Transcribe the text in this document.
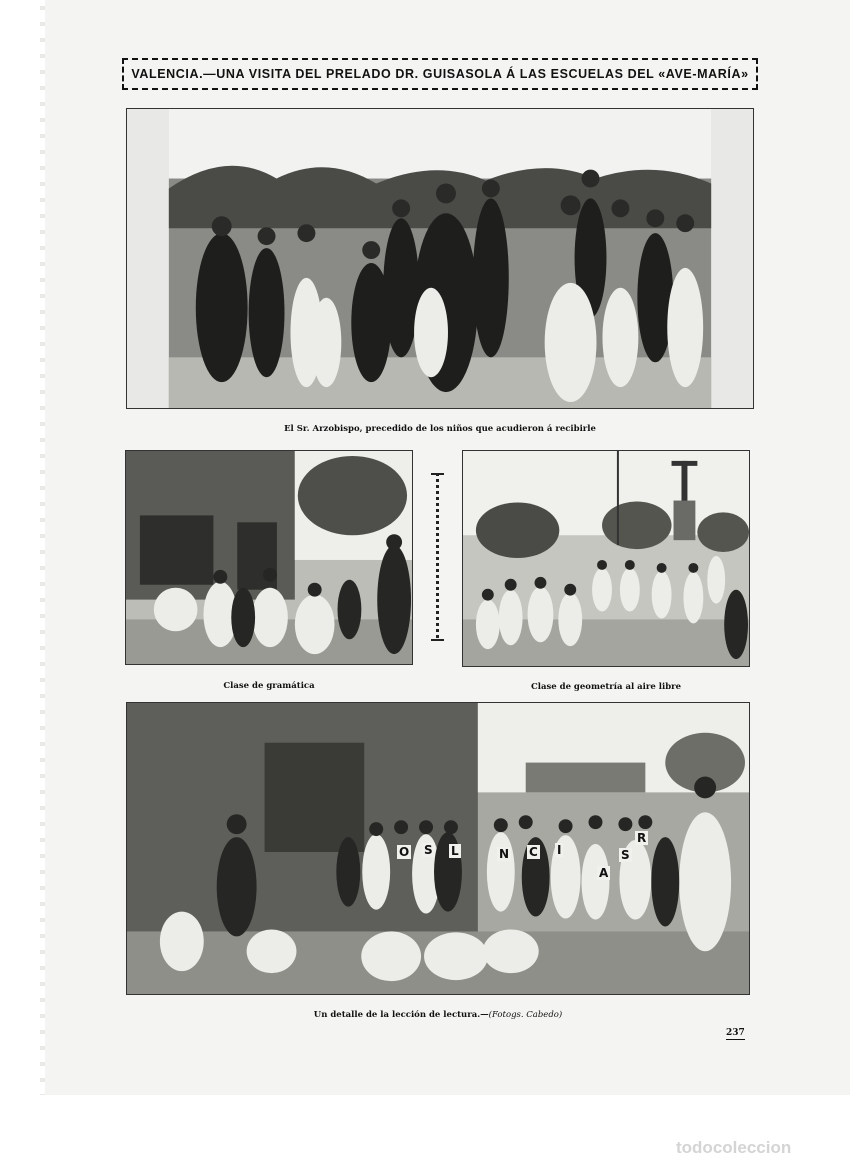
VALENCIA.—UNA VISITA DEL PRELADO DR. GUISASOLA Á LAS ESCUELAS DEL «AVE-MARÍA»
El Sr. Arzobispo, precedido de los niños que acudieron á recibirle
Clase de gramática	Clase de geometría al aire libre
O S L	N C I
A
S
R
Un detalle de la lección de lectura.—(Fotogs. Cabedo)
237
todocoleccion
